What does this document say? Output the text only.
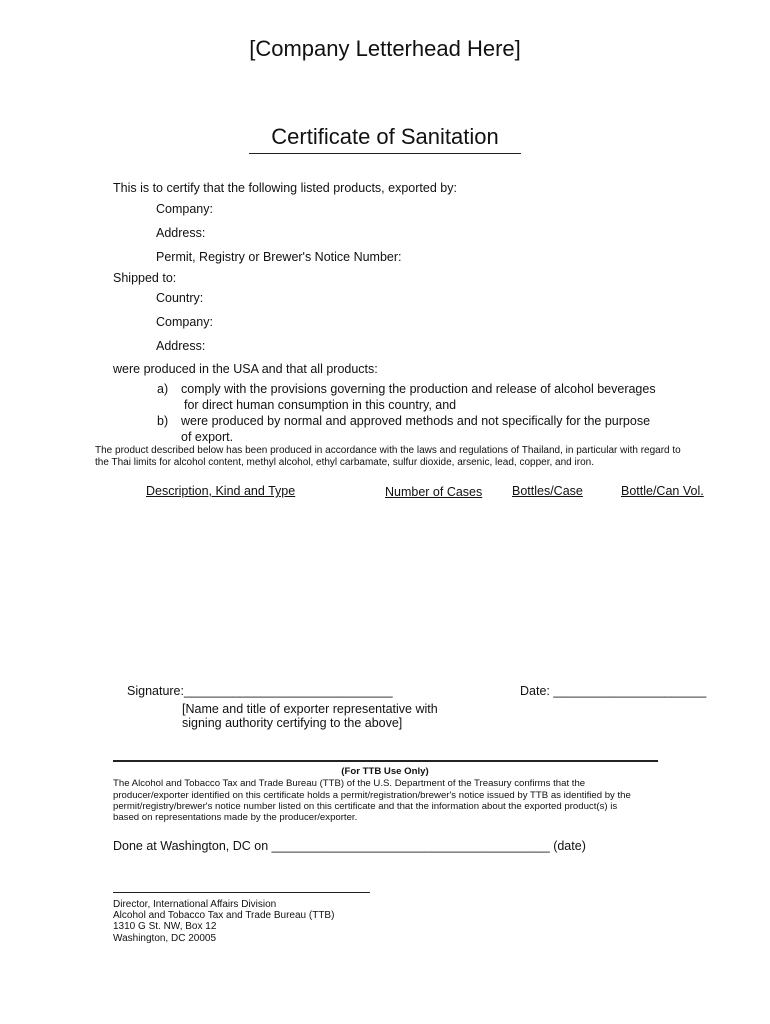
[Company Letterhead Here]
Certificate of Sanitation
This is to certify that the following listed products, exported by:
Company:
Address:
Permit, Registry or Brewer's Notice Number:
Shipped to:
Country:
Company:
Address:
were produced in the USA and that all products:
a) comply with the provisions governing the production and release of alcohol beverages
for direct human consumption in this country, and
b) were produced by normal and approved methods and not specifically for the purpose
of export.
The product described below has been produced in accordance with the laws and regulations of Thailand, in particular with regard to
the Thai limits for alcohol content, methyl alcohol, ethyl carbamate, sulfur dioxide, arsenic, lead, copper, and iron.
Description, Kind and Type	Number of Cases Bottles/Case	Bottle/Can Vol.
Signature:______________________________	Date: ______________________
[Name and title of exporter representative with
signing authority certifying to the above]
(For TTB Use Only)
The Alcohol and Tobacco Tax and Trade Bureau (TTB) of the U.S. Department of the Treasury confirms that the
producer/exporter identified on this certificate holds a permit/registration/brewer's notice issued by TTB as identified by the
permit/registry/brewer's notice number listed on this certificate and that the information about the exported product(s) is
based on representations made by the producer/exporter.
Done at Washington, DC on ________________________________________ (date)
Director, International Affairs Division
Alcohol and Tobacco Tax and Trade Bureau (TTB)
1310 G St. NW, Box 12
Washington, DC 20005
